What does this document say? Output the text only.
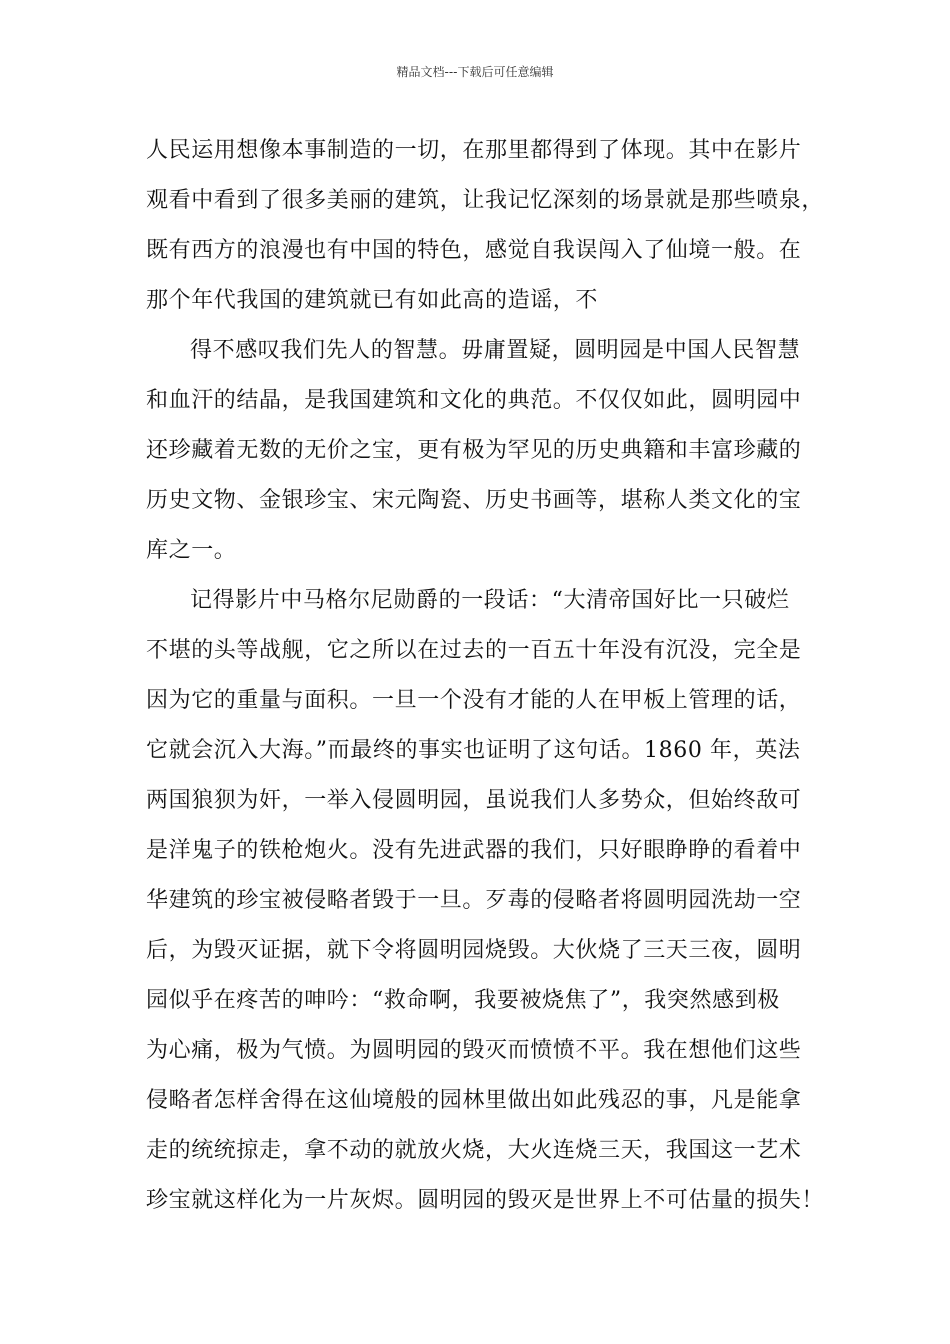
精品文档---下载后可任意编辑
人民运用想像本事制造的一切，在那里都得到了体现。其中在影片
观看中看到了很多美丽的建筑，让我记忆深刻的场景就是那些喷泉，
既有西方的浪漫也有中国的特色，感觉自我误闯入了仙境一般。在
那个年代我国的建筑就已有如此高的造谣，不
得不感叹我们先人的智慧。毋庸置疑，圆明园是中国人民智慧
和血汗的结晶，是我国建筑和文化的典范。不仅仅如此，圆明园中
还珍藏着无数的无价之宝，更有极为罕见的历史典籍和丰富珍藏的
历史文物、金银珍宝、宋元陶瓷、历史书画等，堪称人类文化的宝
库之一。
记得影片中马格尔尼勋爵的一段话：“大清帝国好比一只破烂
不堪的头等战舰，它之所以在过去的一百五十年没有沉没，完全是
因为它的重量与面积。一旦一个没有才能的人在甲板上管理的话，
它就会沉入大海。”而最终的事实也证明了这句话。1860 年，英法
两国狼狈为奸，一举入侵圆明园，虽说我们人多势众，但始终敌可
是洋鬼子的铁枪炮火。没有先进武器的我们，只好眼睁睁的看着中
华建筑的珍宝被侵略者毁于一旦。歹毒的侵略者将圆明园洗劫一空
后，为毁灭证据，就下令将圆明园烧毁。大伙烧了三天三夜，圆明
园似乎在疼苦的呻吟：“救命啊，我要被烧焦了”，我突然感到极
为心痛，极为气愤。为圆明园的毁灭而愤愤不平。我在想他们这些
侵略者怎样舍得在这仙境般的园林里做出如此残忍的事，凡是能拿
走的统统掠走，拿不动的就放火烧，大火连烧三天，我国这一艺术
珍宝就这样化为一片灰烬。圆明园的毁灭是世界上不可估量的损失！
